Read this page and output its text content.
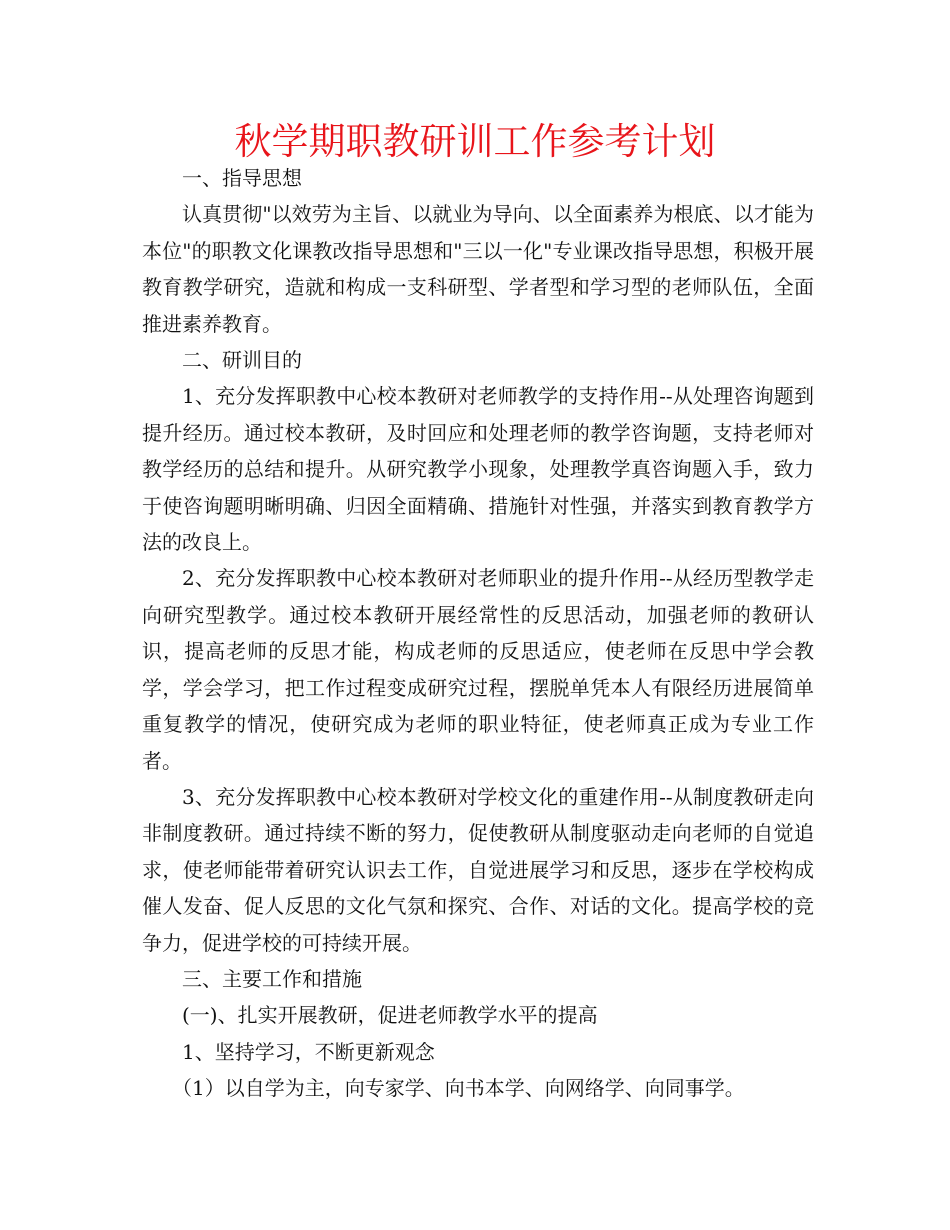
秋学期职教研训工作参考计划

一、指导思想

认真贯彻"以效劳为主旨、以就业为导向、以全面素养为根底、以才能为本位"的职教文化课教改指导思想和"三以一化"专业课改指导思想，积极开展教育教学研究，造就和构成一支科研型、学者型和学习型的老师队伍，全面推进素养教育。

二、研训目的

1、充分发挥职教中心校本教研对老师教学的支持作用--从处理咨询题到提升经历。通过校本教研，及时回应和处理老师的教学咨询题，支持老师对教学经历的总结和提升。从研究教学小现象，处理教学真咨询题入手，致力于使咨询题明晰明确、归因全面精确、措施针对性强，并落实到教育教学方法的改良上。

2、充分发挥职教中心校本教研对老师职业的提升作用--从经历型教学走向研究型教学。通过校本教研开展经常性的反思活动，加强老师的教研认识，提高老师的反思才能，构成老师的反思适应，使老师在反思中学会教学，学会学习，把工作过程变成研究过程，摆脱单凭本人有限经历进展简单重复教学的情况，使研究成为老师的职业特征，使老师真正成为专业工作者。

3、充分发挥职教中心校本教研对学校文化的重建作用--从制度教研走向非制度教研。通过持续不断的努力，促使教研从制度驱动走向老师的自觉追求，使老师能带着研究认识去工作，自觉进展学习和反思，逐步在学校构成催人发奋、促人反思的文化气氛和探究、合作、对话的文化。提高学校的竞争力，促进学校的可持续开展。

三、主要工作和措施

(一)、扎实开展教研，促进老师教学水平的提高

1、坚持学习，不断更新观念

（1）以自学为主，向专家学、向书本学、向网络学、向同事学。
